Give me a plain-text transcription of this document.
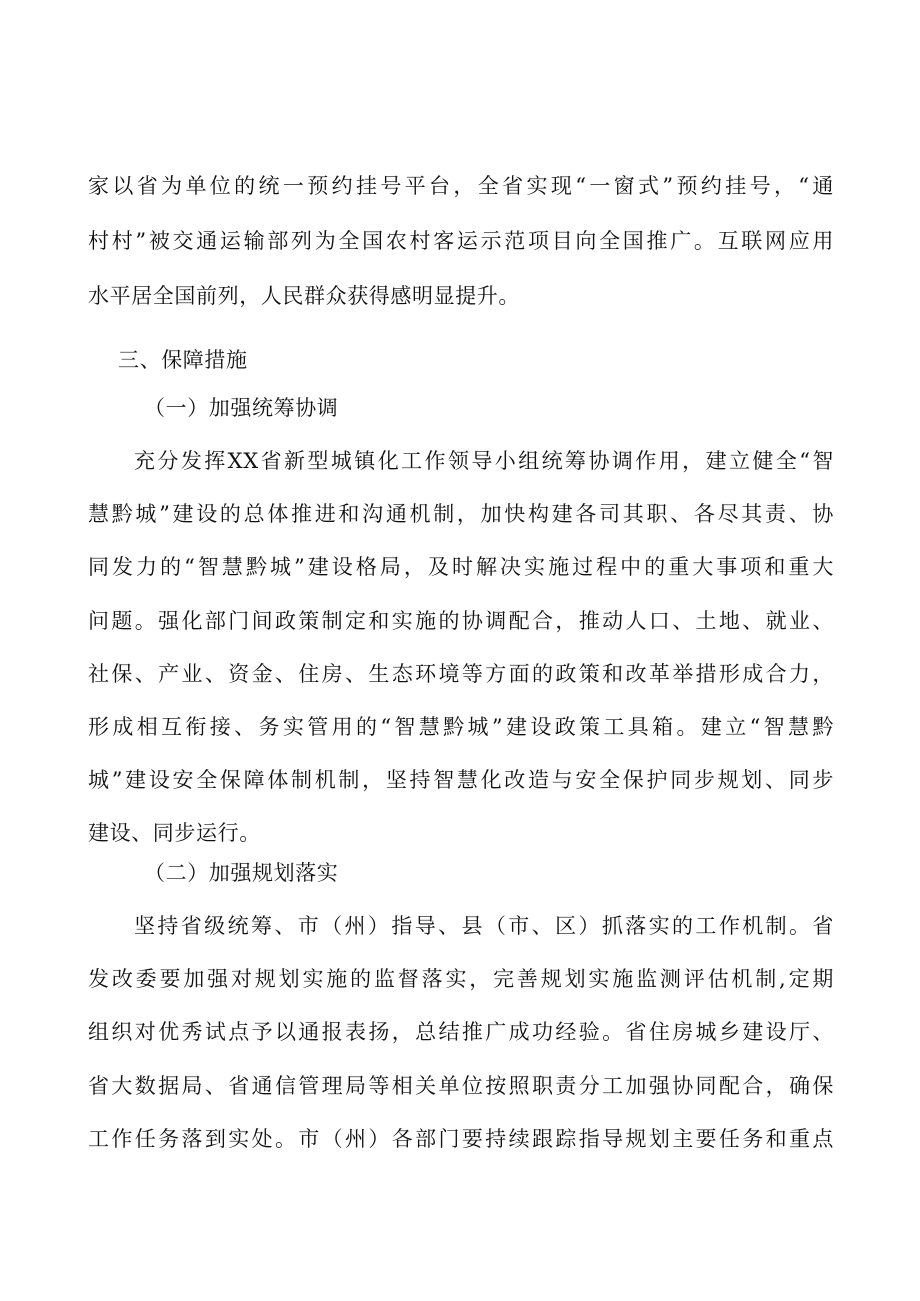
家以省为单位的统一预约挂号平台，全省实现“一窗式”预约挂号，“通
村村”被交通运输部列为全国农村客运示范项目向全国推广。互联网应用
水平居全国前列，人民群众获得感明显提升。
三、保障措施
（一）加强统筹协调
充分发挥XX省新型城镇化工作领导小组统筹协调作用，建立健全“智
慧黔城”建设的总体推进和沟通机制，加快构建各司其职、各尽其责、协
同发力的“智慧黔城”建设格局，及时解决实施过程中的重大事项和重大
问题。强化部门间政策制定和实施的协调配合，推动人口、土地、就业、
社保、产业、资金、住房、生态环境等方面的政策和改革举措形成合力，
形成相互衔接、务实管用的“智慧黔城”建设政策工具箱。建立“智慧黔
城”建设安全保障体制机制，坚持智慧化改造与安全保护同步规划、同步
建设、同步运行。
（二）加强规划落实
坚持省级统筹、市（州）指导、县（市、区）抓落实的工作机制。省
发改委要加强对规划实施的监督落实，完善规划实施监测评估机制,定期
组织对优秀试点予以通报表扬，总结推广成功经验。省住房城乡建设厅、
省大数据局、省通信管理局等相关单位按照职责分工加强协同配合，确保
工作任务落到实处。市（州）各部门要持续跟踪指导规划主要任务和重点
